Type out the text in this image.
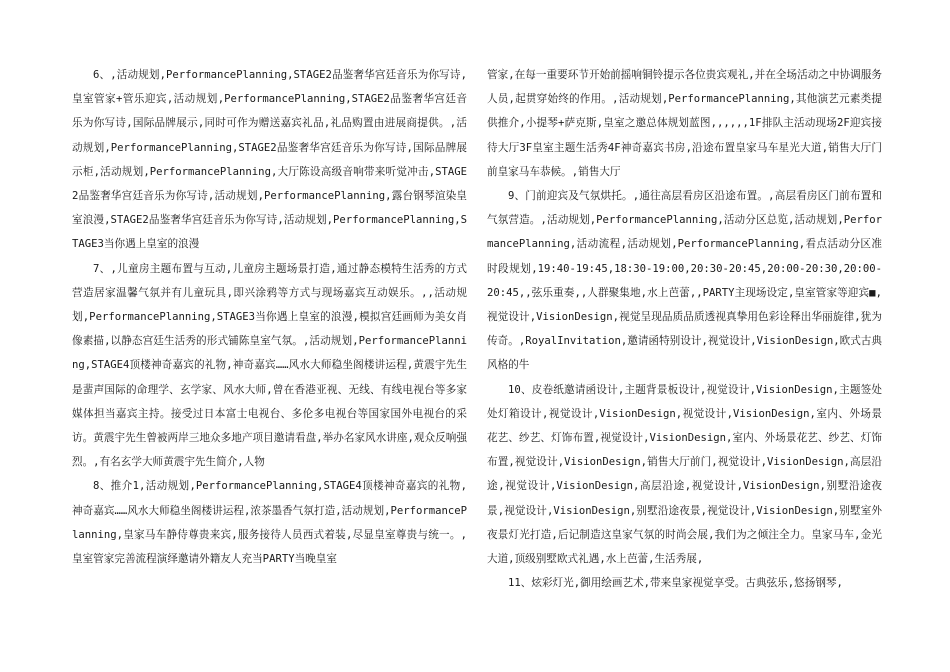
6、,活动规划,PerformancePlanning,STAGE2品鉴奢华宫廷音乐为你写诗,皇室管家+管乐迎宾,活动规划,PerformancePlanning,STAGE2品鉴奢华宫廷音乐为你写诗,国际品牌展示,同时可作为赠送嘉宾礼品,礼品购置由进展商提供。,活动规划,PerformancePlanning,STAGE2品鉴奢华宫廷音乐为你写诗,国际品牌展示柜,活动规划,PerformancePlanning,大厅陈设高级音响带来听觉冲击,STAGE2品鉴奢华宫廷音乐为你写诗,活动规划,PerformancePlanning,露台钢琴渲染皇室浪漫,STAGE2品鉴奢华宫廷音乐为你写诗,活动规划,PerformancePlanning,STAGE3当你遇上皇室的浪漫

7、,儿童房主题布置与互动,儿童房主题场景打造,通过静态模特生活秀的方式营造居家温馨气氛并有儿童玩具,即兴涂鸦等方式与现场嘉宾互动娱乐。,,活动规划,PerformancePlanning,STAGE3当你遇上皇室的浪漫,模拟宫廷画师为美女肖像素描,以静态宫廷生活秀的形式铺陈皇室气氛。,活动规划,PerformancePlanning,STAGE4顶楼神奇嘉宾的礼物,神奇嘉宾……风水大师稳坐阁楼讲运程,黄震宇先生是蜚声国际的命理学、玄学家、风水大师,曾在香港亚视、无线、有线电视台等多家媒体担当嘉宾主持。接受过日本富士电视台、多伦多电视台等国家国外电视台的采访。黄震宇先生曾被两岸三地众多地产项目邀请看盘,举办名家风水讲座,观众反响强烈。,有名玄学大师黄震宇先生简介,人物

8、推介1,活动规划,PerformancePlanning,STAGE4顶楼神奇嘉宾的礼物,神奇嘉宾……风水大师稳坐阁楼讲运程,浓茶墨香气氛打造,活动规划,PerformancePlanning,皇家马车静侍尊贵来宾,服务接待人员西式着装,尽显皇室尊贵与统一。,皇室管家完善流程演绎邀请外籍友人充当PARTY当晚皇室

管家,在每一重要环节开始前摇响铜铃提示各位贵宾观礼,并在全场活动之中协调服务人员,起贯穿始终的作用。,活动规划,PerformancePlanning,其他演艺元素类提供推介,小提琴+萨克斯,皇室之邀总体规划蓝图,,,,,,1F排队主活动现场2F迎宾接待大厅3F皇室主题生活秀4F神奇嘉宾书房,沿途布置皇家马车星光大道,销售大厅门前皇家马车恭候。,销售大厅

9、门前迎宾及气氛烘托。,通往高层看房区沿途布置。,高层看房区门前布置和气氛营造。,活动规划,PerformancePlanning,活动分区总览,活动规划,PerformancePlanning,活动流程,活动规划,PerformancePlanning,看点活动分区准时段规划,19:40-19:45,18:30-19:00,20:30-20:45,20:00-20:30,20:00-20:45,,弦乐重奏,,人群聚集地,水上芭蕾,,PARTY主现场设定,皇室管家等迎宾■,视觉设计,VisionDesign,视觉呈现品质品质透视真挚用色彩诠释出华丽旋律,犹为传奇。,RoyalInvitation,邀请函特别设计,视觉设计,VisionDesign,欧式古典风格的牛

10、皮卷纸邀请函设计,主题背景板设计,视觉设计,VisionDesign,主题签处处灯箱设计,视觉设计,VisionDesign,视觉设计,VisionDesign,室内、外场景花艺、纱艺、灯饰布置,视觉设计,VisionDesign,室内、外场景花艺、纱艺、灯饰布置,视觉设计,VisionDesign,销售大厅前门,视觉设计,VisionDesign,高层沿途,视觉设计,VisionDesign,高层沿途,视觉设计,VisionDesign,别墅沿途夜景,视觉设计,VisionDesign,别墅沿途夜景,视觉设计,VisionDesign,别墅室外夜景灯光打造,后记制造这皇家气氛的时尚会展,我们为之倾注全力。皇家马车,金光大道,顶级别墅欧式礼遇,水上芭蕾,生活秀展,

11、炫彩灯光,御用绘画艺术,带来皇家视觉享受。古典弦乐,悠扬钢琴,
